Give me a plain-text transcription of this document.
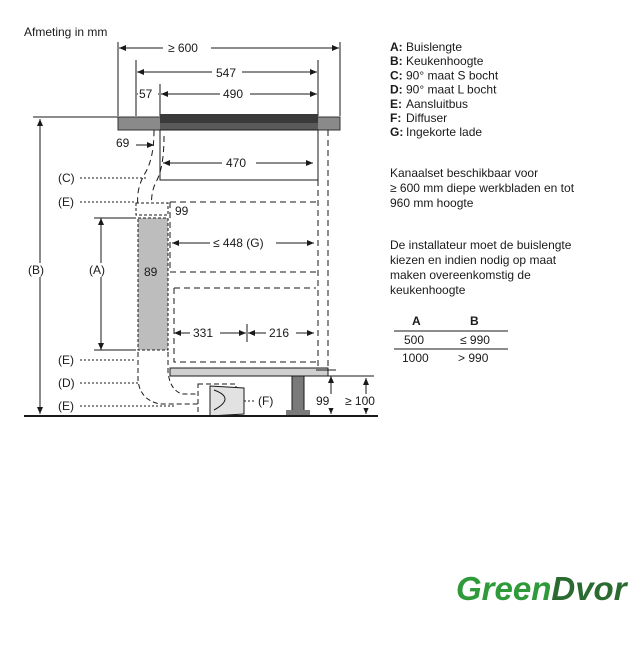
Afmeting in mm
≥ 600
547
57	490
69
470
99
89
≤ 448 (G)
331	216
(A)
(B)
(C)
(E)
(E)
(D)
(E)	(F)	99 ≥ 100
A: Buislengte
B: Keukenhoogte
C: 90° maat S bocht
D: 90° maat L bocht
E: Aansluitbus
F: Diffuser
G: Ingekorte lade
Kanaalset beschikbaar voor
≥ 600 mm diepe werkbladen en tot
960 mm hoogte
De installateur moet de buislengte
kiezen en indien nodig op maat
maken overeenkomstig de
keukenhoogte
A	B
500	≤ 990
1000 > 990
GreenDvor
